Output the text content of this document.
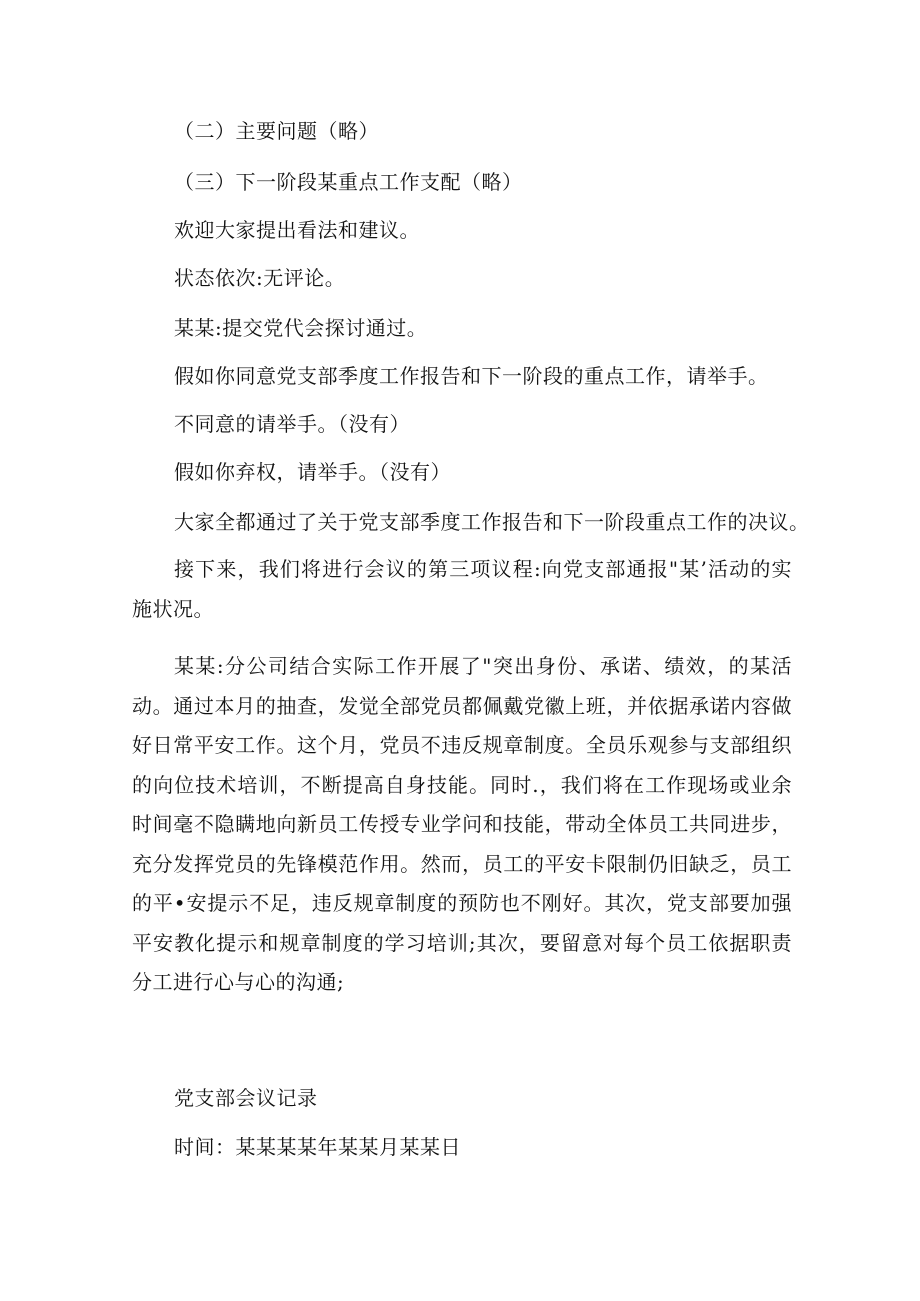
（二）主要问题（略）
（三）下一阶段某重点工作支配（略）
欢迎大家提出看法和建议。
状态依次:无评论。
某某:提交党代会探讨通过。
假如你同意党支部季度工作报告和下一阶段的重点工作，请举手。
不同意的请举手。（没有）
假如你弃权，请举手。（没有）
大家全都通过了关于党支部季度工作报告和下一阶段重点工作的决议。
接下来，我们将进行会议的第三项议程:向党支部通报"某’活动的实施状况。
某某:分公司结合实际工作开展了"突出身份、承诺、绩效，的某活动。通过本月的抽查，发觉全部党员都佩戴党徽上班，并依据承诺内容做好日常平安工作。这个月，党员不违反规章制度。全员乐观参与支部组织的向位技术培训，不断提高自身技能。同时.，我们将在工作现场或业余时间毫不隐瞒地向新员工传授专业学问和技能，带动全体员工共同进步，充分发挥党员的先锋模范作用。然而，员工的平安卡限制仍旧缺乏，员工的平•安提示不足，违反规章制度的预防也不刚好。其次，党支部要加强平安教化提示和规章制度的学习培训;其次，要留意对每个员工依据职责分工进行心与心的沟通;
党支部会议记录
时间：某某某某年某某月某某日
